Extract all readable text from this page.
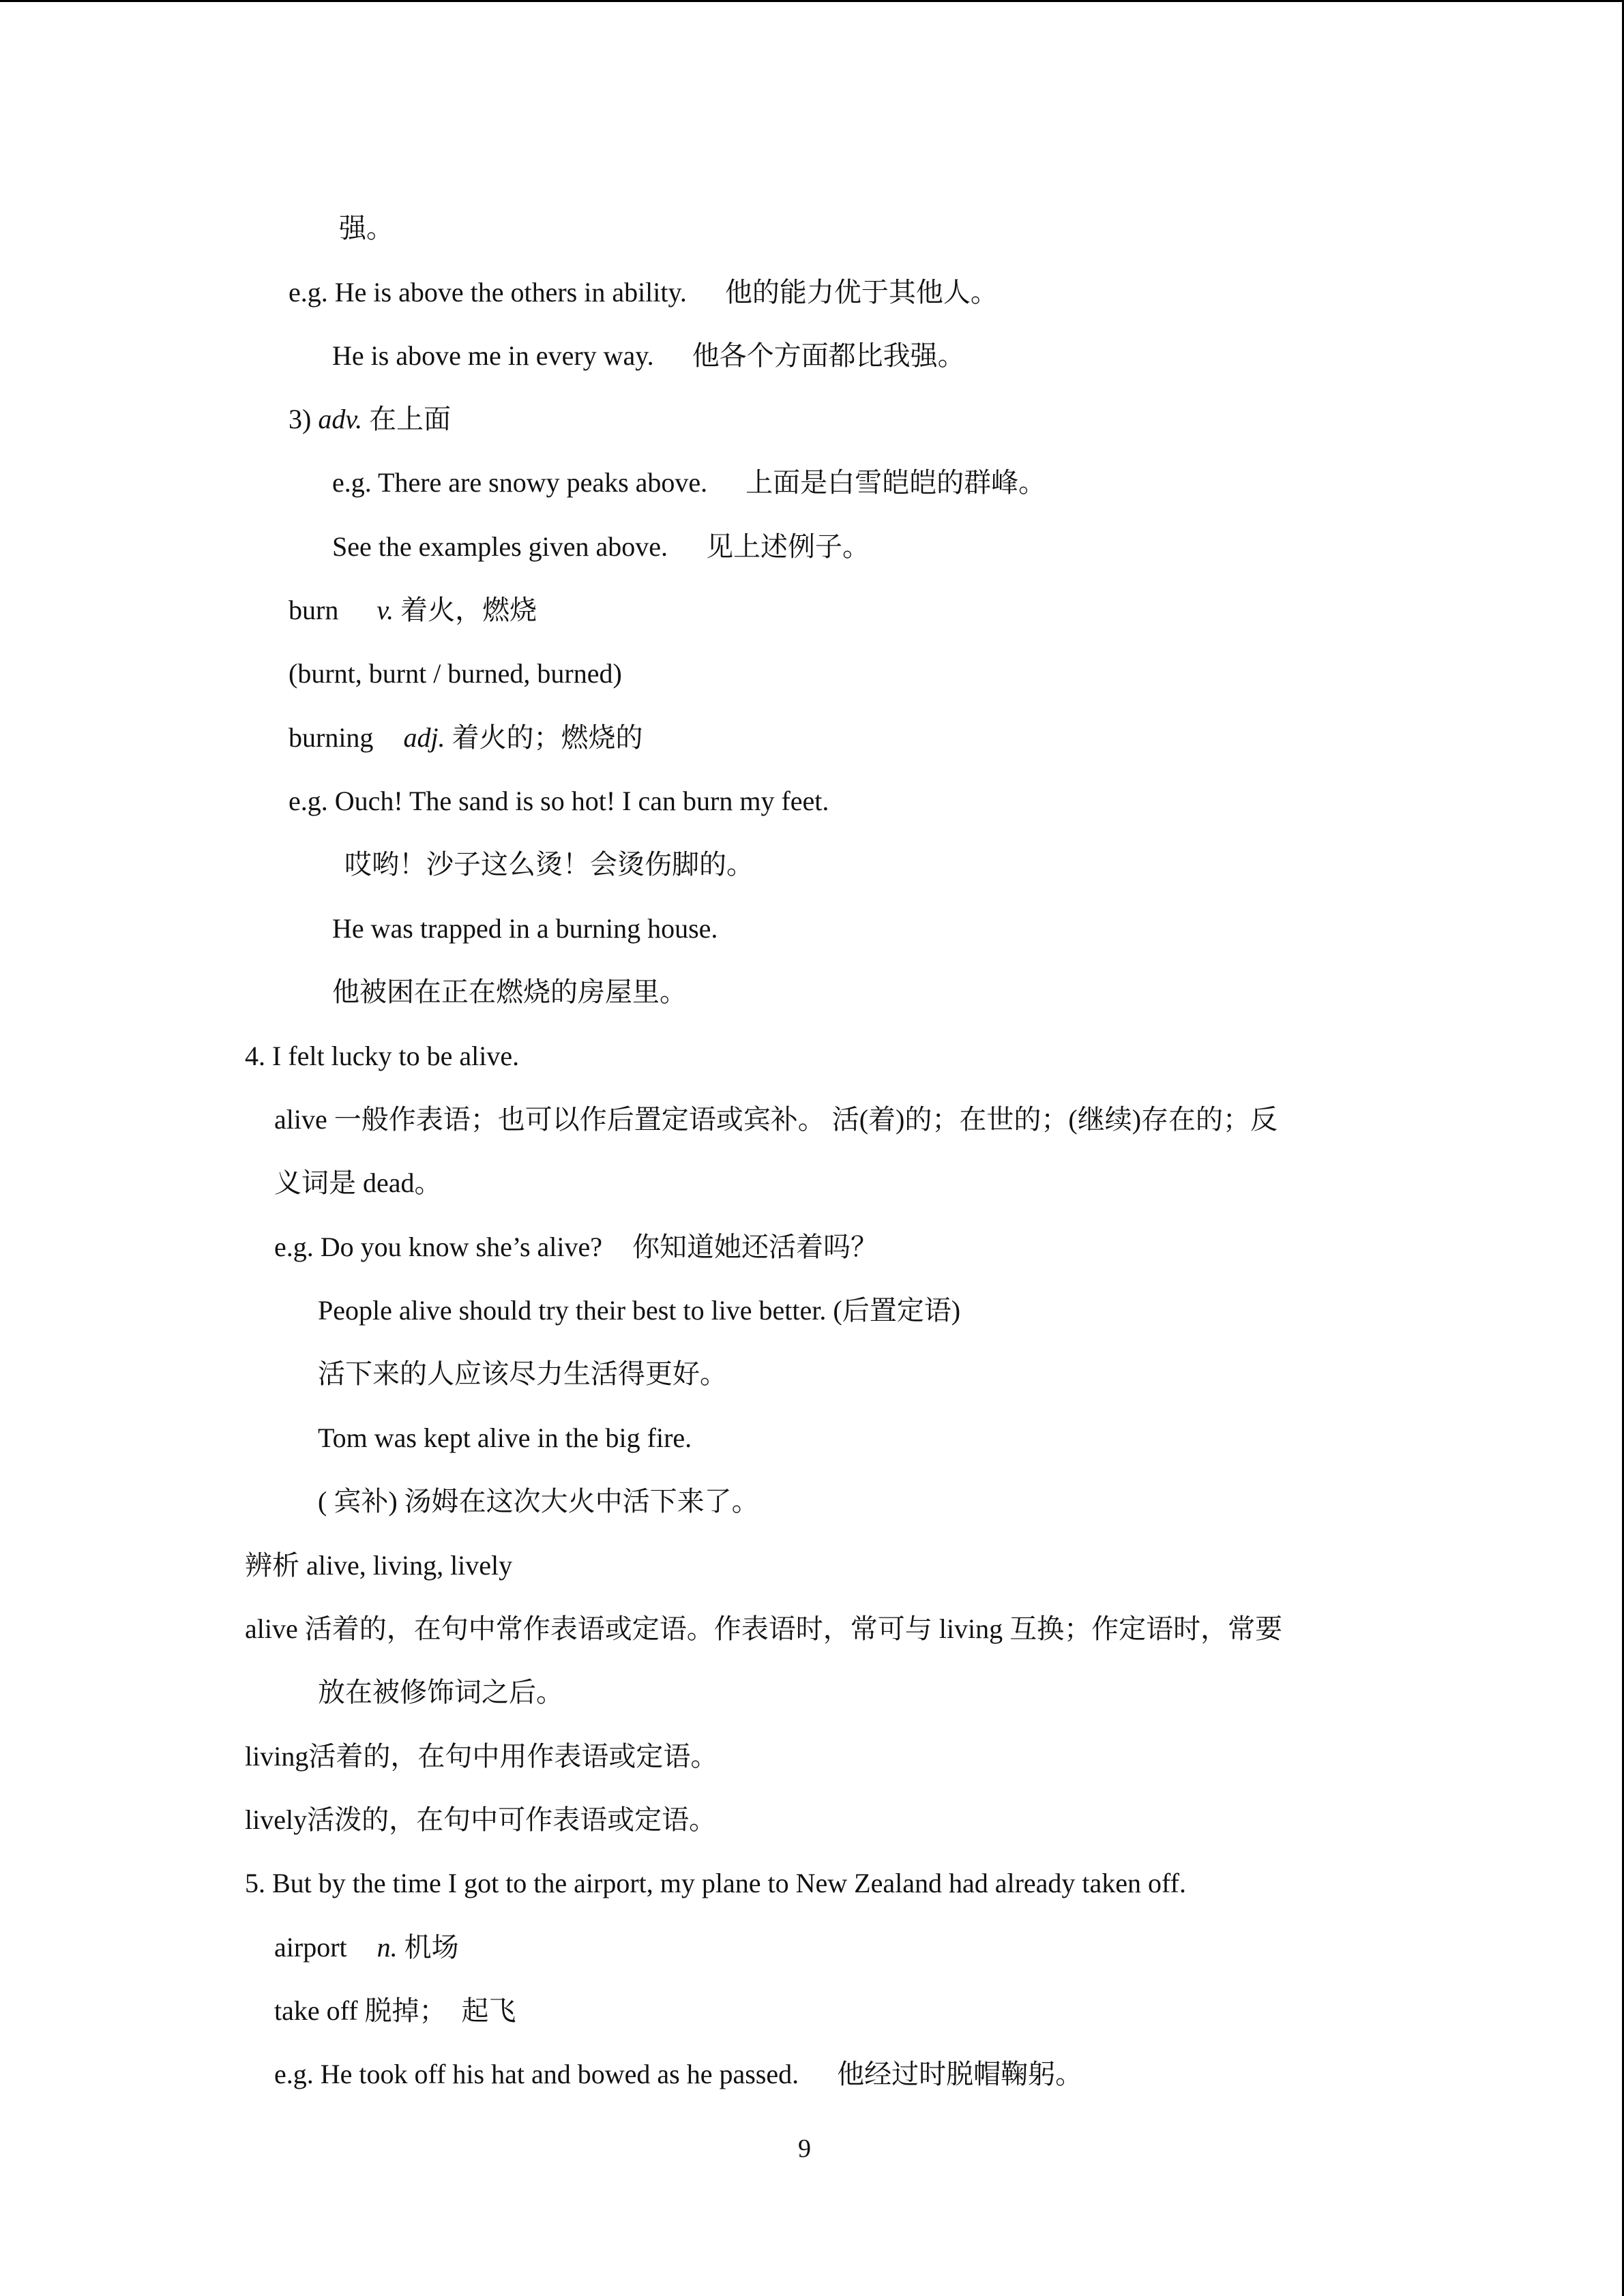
强。
e.g. He is above the others in ability. 他的能力优于其他人。
He is above me in every way. 他各个方面都比我强。
3) adv. 在上面
e.g. There are snowy peaks above. 上面是白雪皑皑的群峰。
See the examples given above. 见上述例子。
burn v. 着火，燃烧
(burnt, burnt / burned, burned)
burning adj. 着火的；燃烧的
e.g. Ouch! The sand is so hot! I can burn my feet.
哎哟！沙子这么烫！会烫伤脚的。
He was trapped in a burning house.
他被困在正在燃烧的房屋里。
4. I felt lucky to be alive.
alive 一般作表语；也可以作后置定语或宾补。 活(着)的；在世的；(继续)存在的；反
义词是 dead。
e.g. Do you know she’s alive? 你知道她还活着吗？
People alive should try their best to live better. (后置定语)
活下来的人应该尽力生活得更好。
Tom was kept alive in the big fire.
( 宾补) 汤姆在这次大火中活下来了。
辨析 alive, living, lively
alive 活着的，在句中常作表语或定语。作表语时，常可与 living 互换；作定语时，常要
放在被修饰词之后。
living活着的，在句中用作表语或定语。
lively活泼的，在句中可作表语或定语。
5. But by the time I got to the airport, my plane to New Zealand had already taken off.
airport n. 机场
take off 脱掉； 起飞
e.g. He took off his hat and bowed as he passed. 他经过时脱帽鞠躬。
9
